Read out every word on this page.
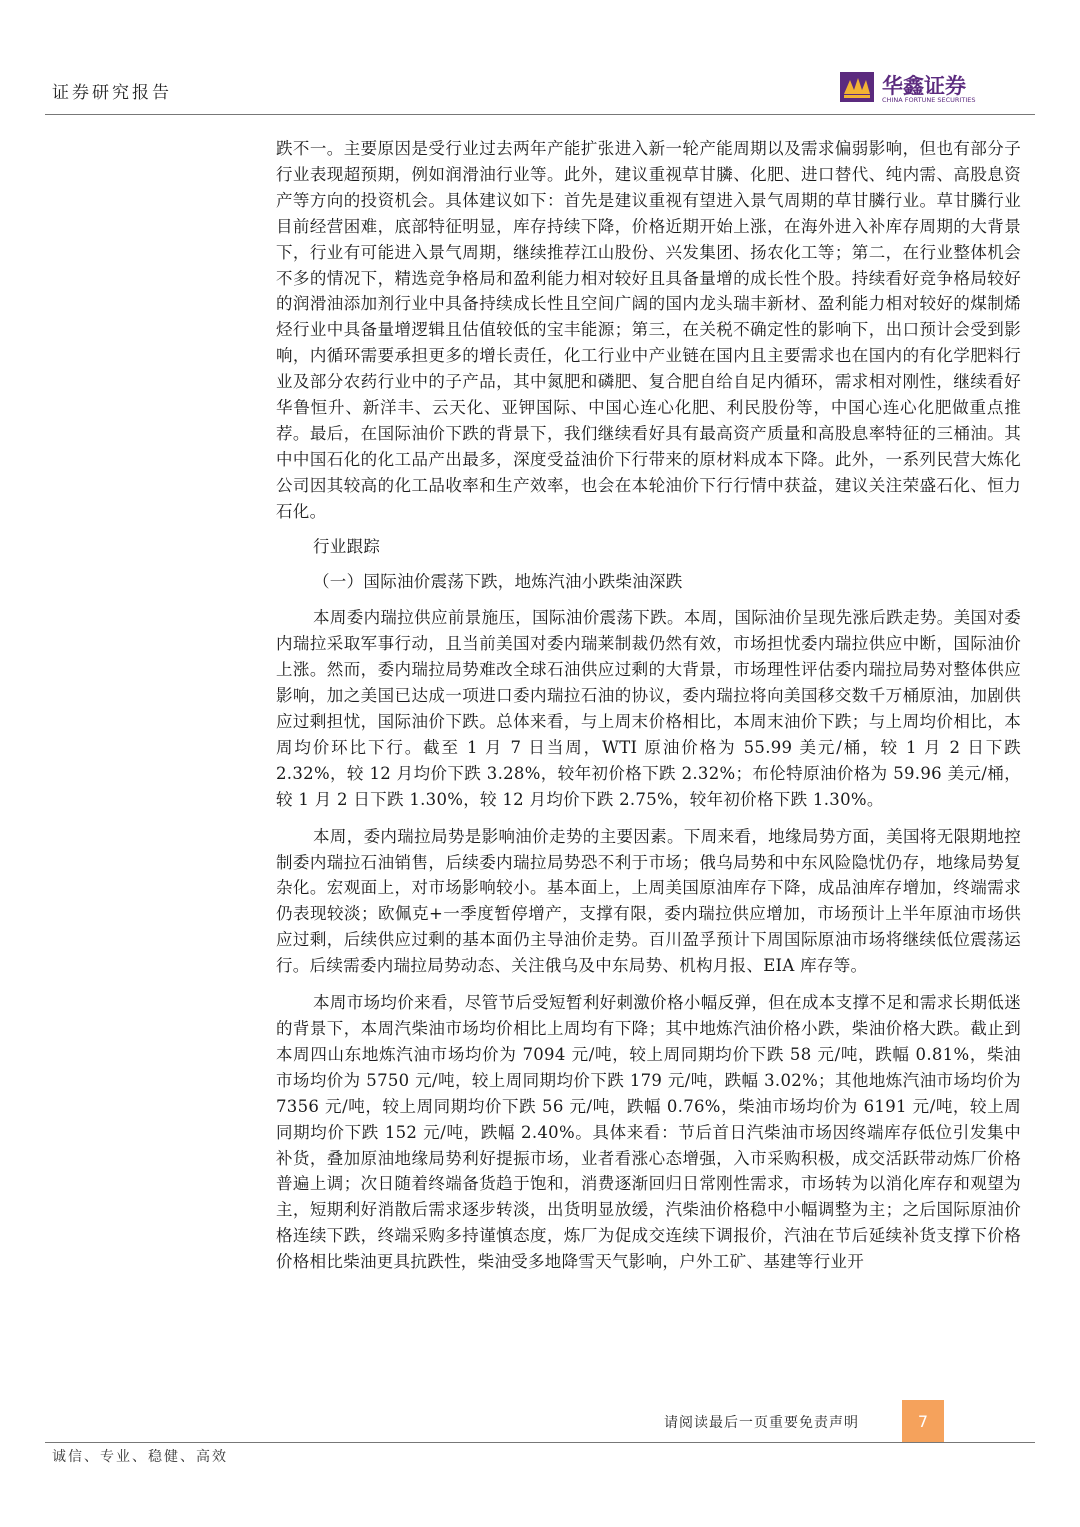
证券研究报告	华鑫证券
CHINA FORTUNE SECURITIES

跌不一。主要原因是受行业过去两年产能扩张进入新一轮产能周期以及需求偏弱影响，但也有部分子行业表现超预期，例如润滑油行业等。此外，建议重视草甘膦、化肥、进口替代、纯内需、高股息资产等方向的投资机会。具体建议如下：首先是建议重视有望进入景气周期的草甘膦行业。草甘膦行业目前经营困难，底部特征明显，库存持续下降，价格近期开始上涨，在海外进入补库存周期的大背景下，行业有可能进入景气周期，继续推荐江山股份、兴发集团、扬农化工等；第二，在行业整体机会不多的情况下，精选竞争格局和盈利能力相对较好且具备量增的成长性个股。持续看好竞争格局较好的润滑油添加剂行业中具备持续成长性且空间广阔的国内龙头瑞丰新材、盈利能力相对较好的煤制烯烃行业中具备量增逻辑且估值较低的宝丰能源；第三，在关税不确定性的影响下，出口预计会受到影响，内循环需要承担更多的增长责任，化工行业中产业链在国内且主要需求也在国内的有化学肥料行业及部分农药行业中的子产品，其中氮肥和磷肥、复合肥自给自足内循环，需求相对刚性，继续看好华鲁恒升、新洋丰、云天化、亚钾国际、中国心连心化肥、利民股份等，中国心连心化肥做重点推荐。最后，在国际油价下跌的背景下，我们继续看好具有最高资产质量和高股息率特征的三桶油。其中中国石化的化工品产出最多，深度受益油价下行带来的原材料成本下降。此外，一系列民营大炼化公司因其较高的化工品收率和生产效率，也会在本轮油价下行行情中获益，建议关注荣盛石化、恒力石化。

行业跟踪

（一）国际油价震荡下跌，地炼汽油小跌柴油深跌

本周委内瑞拉供应前景施压，国际油价震荡下跌。本周，国际油价呈现先涨后跌走势。美国对委内瑞拉采取军事行动，且当前美国对委内瑞莱制裁仍然有效，市场担忧委内瑞拉供应中断，国际油价上涨。然而，委内瑞拉局势难改全球石油供应过剩的大背景，市场理性评估委内瑞拉局势对整体供应影响，加之美国已达成一项进口委内瑞拉石油的协议，委内瑞拉将向美国移交数千万桶原油，加剧供应过剩担忧，国际油价下跌。总体来看，与上周末价格相比，本周末油价下跌；与上周均价相比，本周均价环比下行。截至 1 月 7 日当周，WTI 原油价格为 55.99 美元/桶，较 1 月 2 日下跌 2.32%，较 12 月均价下跌 3.28%，较年初价格下跌 2.32%；布伦特原油价格为 59.96 美元/桶，较 1 月 2 日下跌 1.30%，较 12 月均价下跌 2.75%，较年初价格下跌 1.30%。

本周，委内瑞拉局势是影响油价走势的主要因素。下周来看，地缘局势方面，美国将无限期地控制委内瑞拉石油销售，后续委内瑞拉局势恐不利于市场；俄乌局势和中东风险隐忧仍存，地缘局势复杂化。宏观面上，对市场影响较小。基本面上，上周美国原油库存下降，成品油库存增加，终端需求仍表现较淡；欧佩克+一季度暂停增产，支撑有限，委内瑞拉供应增加，市场预计上半年原油市场供应过剩，后续供应过剩的基本面仍主导油价走势。百川盈孚预计下周国际原油市场将继续低位震荡运行。后续需委内瑞拉局势动态、关注俄乌及中东局势、机构月报、EIA 库存等。

本周市场均价来看，尽管节后受短暂利好刺激价格小幅反弹，但在成本支撑不足和需求长期低迷的背景下，本周汽柴油市场均价相比上周均有下降；其中地炼汽油价格小跌，柴油价格大跌。截止到本周四山东地炼汽油市场均价为 7094 元/吨，较上周同期均价下跌 58 元/吨，跌幅 0.81%，柴油市场均价为 5750 元/吨，较上周同期均价下跌 179 元/吨，跌幅 3.02%；其他地炼汽油市场均价为 7356 元/吨，较上周同期均价下跌 56 元/吨，跌幅 0.76%，柴油市场均价为 6191 元/吨，较上周同期均价下跌 152 元/吨，跌幅 2.40%。具体来看：节后首日汽柴油市场因终端库存低位引发集中补货，叠加原油地缘局势利好提振市场，业者看涨心态增强，入市采购积极，成交活跃带动炼厂价格普遍上调；次日随着终端备货趋于饱和，消费逐渐回归日常刚性需求，市场转为以消化库存和观望为主，短期利好消散后需求逐步转淡，出货明显放缓，汽柴油价格稳中小幅调整为主；之后国际原油价格连续下跌，终端采购多持谨慎态度，炼厂为促成交连续下调报价，汽油在节后延续补货支撑下价格价格相比柴油更具抗跌性，柴油受多地降雪天气影响，户外工矿、基建等行业开

请阅读最后一页重要免责声明	7
诚信、专业、稳健、高效
